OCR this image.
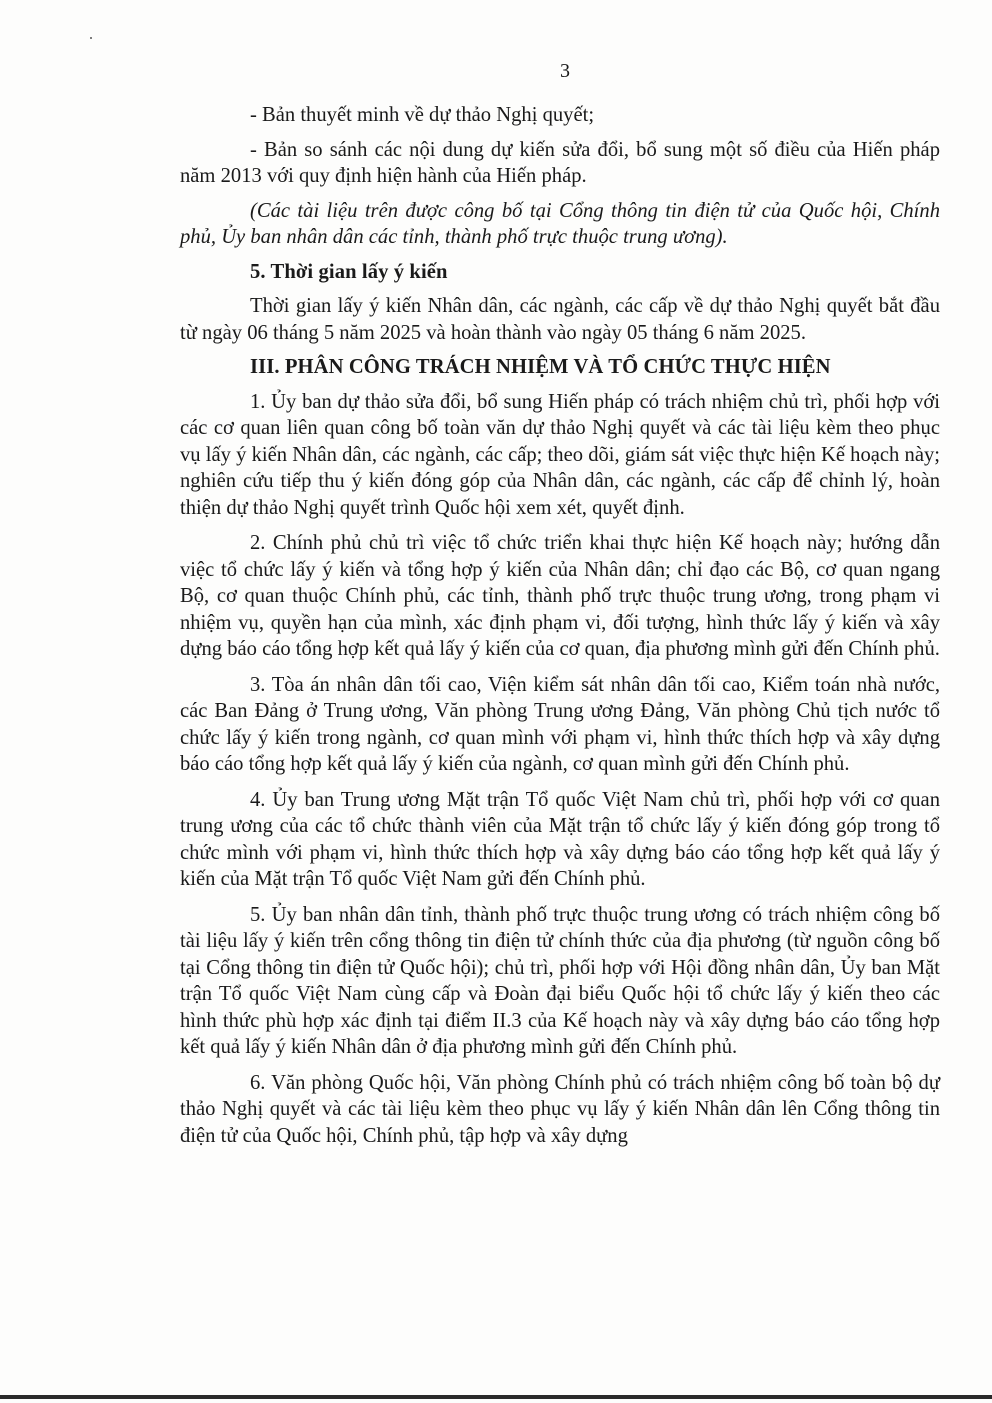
3

- Bản thuyết minh về dự thảo Nghị quyết;

- Bản so sánh các nội dung dự kiến sửa đổi, bổ sung một số điều của Hiến pháp năm 2013 với quy định hiện hành của Hiến pháp.

(Các tài liệu trên được công bố tại Cổng thông tin điện tử của Quốc hội, Chính phủ, Ủy ban nhân dân các tỉnh, thành phố trực thuộc trung ương).

5. Thời gian lấy ý kiến

Thời gian lấy ý kiến Nhân dân, các ngành, các cấp về dự thảo Nghị quyết bắt đầu từ ngày 06 tháng 5 năm 2025 và hoàn thành vào ngày 05 tháng 6 năm 2025.

III. PHÂN CÔNG TRÁCH NHIỆM VÀ TỔ CHỨC THỰC HIỆN

1. Ủy ban dự thảo sửa đổi, bổ sung Hiến pháp có trách nhiệm chủ trì, phối hợp với các cơ quan liên quan công bố toàn văn dự thảo Nghị quyết và các tài liệu kèm theo phục vụ lấy ý kiến Nhân dân, các ngành, các cấp; theo dõi, giám sát việc thực hiện Kế hoạch này; nghiên cứu tiếp thu ý kiến đóng góp của Nhân dân, các ngành, các cấp để chỉnh lý, hoàn thiện dự thảo Nghị quyết trình Quốc hội xem xét, quyết định.

2. Chính phủ chủ trì việc tổ chức triển khai thực hiện Kế hoạch này; hướng dẫn việc tổ chức lấy ý kiến và tổng hợp ý kiến của Nhân dân; chỉ đạo các Bộ, cơ quan ngang Bộ, cơ quan thuộc Chính phủ, các tỉnh, thành phố trực thuộc trung ương, trong phạm vi nhiệm vụ, quyền hạn của mình, xác định phạm vi, đối tượng, hình thức lấy ý kiến và xây dựng báo cáo tổng hợp kết quả lấy ý kiến của cơ quan, địa phương mình gửi đến Chính phủ.

3. Tòa án nhân dân tối cao, Viện kiểm sát nhân dân tối cao, Kiểm toán nhà nước, các Ban Đảng ở Trung ương, Văn phòng Trung ương Đảng, Văn phòng Chủ tịch nước tổ chức lấy ý kiến trong ngành, cơ quan mình với phạm vi, hình thức thích hợp và xây dựng báo cáo tổng hợp kết quả lấy ý kiến của ngành, cơ quan mình gửi đến Chính phủ.

4. Ủy ban Trung ương Mặt trận Tổ quốc Việt Nam chủ trì, phối hợp với cơ quan trung ương của các tổ chức thành viên của Mặt trận tổ chức lấy ý kiến đóng góp trong tổ chức mình với phạm vi, hình thức thích hợp và xây dựng báo cáo tổng hợp kết quả lấy ý kiến của Mặt trận Tổ quốc Việt Nam gửi đến Chính phủ.

5. Ủy ban nhân dân tỉnh, thành phố trực thuộc trung ương có trách nhiệm công bố tài liệu lấy ý kiến trên cổng thông tin điện tử chính thức của địa phương (từ nguồn công bố tại Cổng thông tin điện tử Quốc hội); chủ trì, phối hợp với Hội đồng nhân dân, Ủy ban Mặt trận Tổ quốc Việt Nam cùng cấp và Đoàn đại biểu Quốc hội tổ chức lấy ý kiến theo các hình thức phù hợp xác định tại điểm II.3 của Kế hoạch này và xây dựng báo cáo tổng hợp kết quả lấy ý kiến Nhân dân ở địa phương mình gửi đến Chính phủ.

6. Văn phòng Quốc hội, Văn phòng Chính phủ có trách nhiệm công bố toàn bộ dự thảo Nghị quyết và các tài liệu kèm theo phục vụ lấy ý kiến Nhân dân lên Cổng thông tin điện tử của Quốc hội, Chính phủ, tập hợp và xây dựng
